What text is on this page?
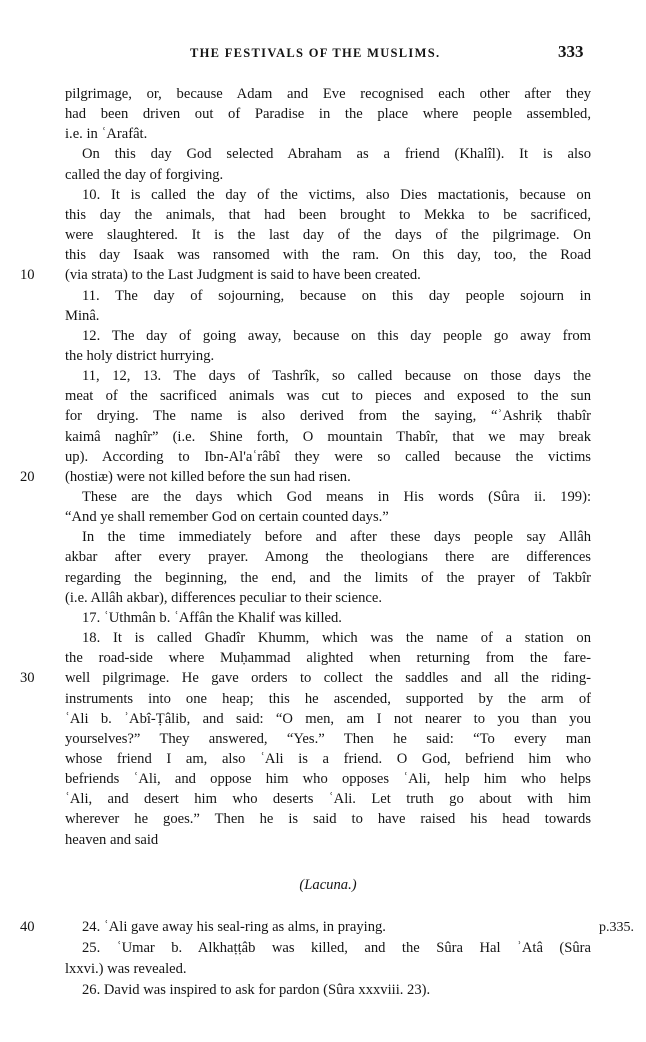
THE FESTIVALS OF THE MUSLIMS.	333
pilgrimage, or, because Adam and Eve recognised each other after they
had been driven out of Paradise in the place where people assembled,
i.e. in ʿArafât.
On this day God selected Abraham as a friend (Khalîl). It is also
called the day of forgiving.
10. It is called the day of the victims, also Dies mactationis, because on
this day the animals, that had been brought to Mekka to be sacrificed,
were slaughtered. It is the last day of the days of the pilgrimage. On
this day Isaak was ransomed with the ram. On this day, too, the Road
(via strata) to the Last Judgment is said to have been created.
11. The day of sojourning, because on this day people sojourn in
Minâ.
12. The day of going away, because on this day people go away from
the holy district hurrying.
11, 12, 13. The days of Tashrîk, so called because on those days the
meat of the sacrificed animals was cut to pieces and exposed to the sun
for drying. The name is also derived from the saying, “ʾAshriḳ thabîr
kaimâ naghîr” (i.e. Shine forth, O mountain Thabîr, that we may break
up). According to Ibn-Al'aʿrâbî they were so called because the victims
(hostiæ) were not killed before the sun had risen.
These are the days which God means in His words (Sûra ii. 199):
“And ye shall remember God on certain counted days.”
In the time immediately before and after these days people say Allâh
akbar after every prayer. Among the theologians there are differences
regarding the beginning, the end, and the limits of the prayer of Takbîr
(i.e. Allâh akbar), differences peculiar to their science.
17. ʿUthmân b. ʿAffân the Khalif was killed.
18. It is called Ghadîr Khumm, which was the name of a station on
the road-side where Muḥammad alighted when returning from the fare-
well pilgrimage. He gave orders to collect the saddles and all the riding-
instruments into one heap; this he ascended, supported by the arm of
ʿAli b. ʾAbî-Ṭâlib, and said: “O men, am I not nearer to you than you
yourselves?” They answered, “Yes.” Then he said: “To every man
whose friend I am, also ʿAli is a friend. O God, befriend him who
befriends ʿAli, and oppose him who opposes ʿAli, help him who helps
ʿAli, and desert him who deserts ʿAli. Let truth go about with him
wherever he goes.” Then he is said to have raised his head towards
heaven and said
(Lacuna.)
24. ʿAli gave away his seal-ring as alms, in praying.
25. ʿUmar b. Alkhaṭṭâb was killed, and the Sûra Hal ʾAtâ (Sûra
lxxvi.) was revealed.
26. David was inspired to ask for pardon (Sûra xxxviii. 23).
10
20
30
40	p.335.
